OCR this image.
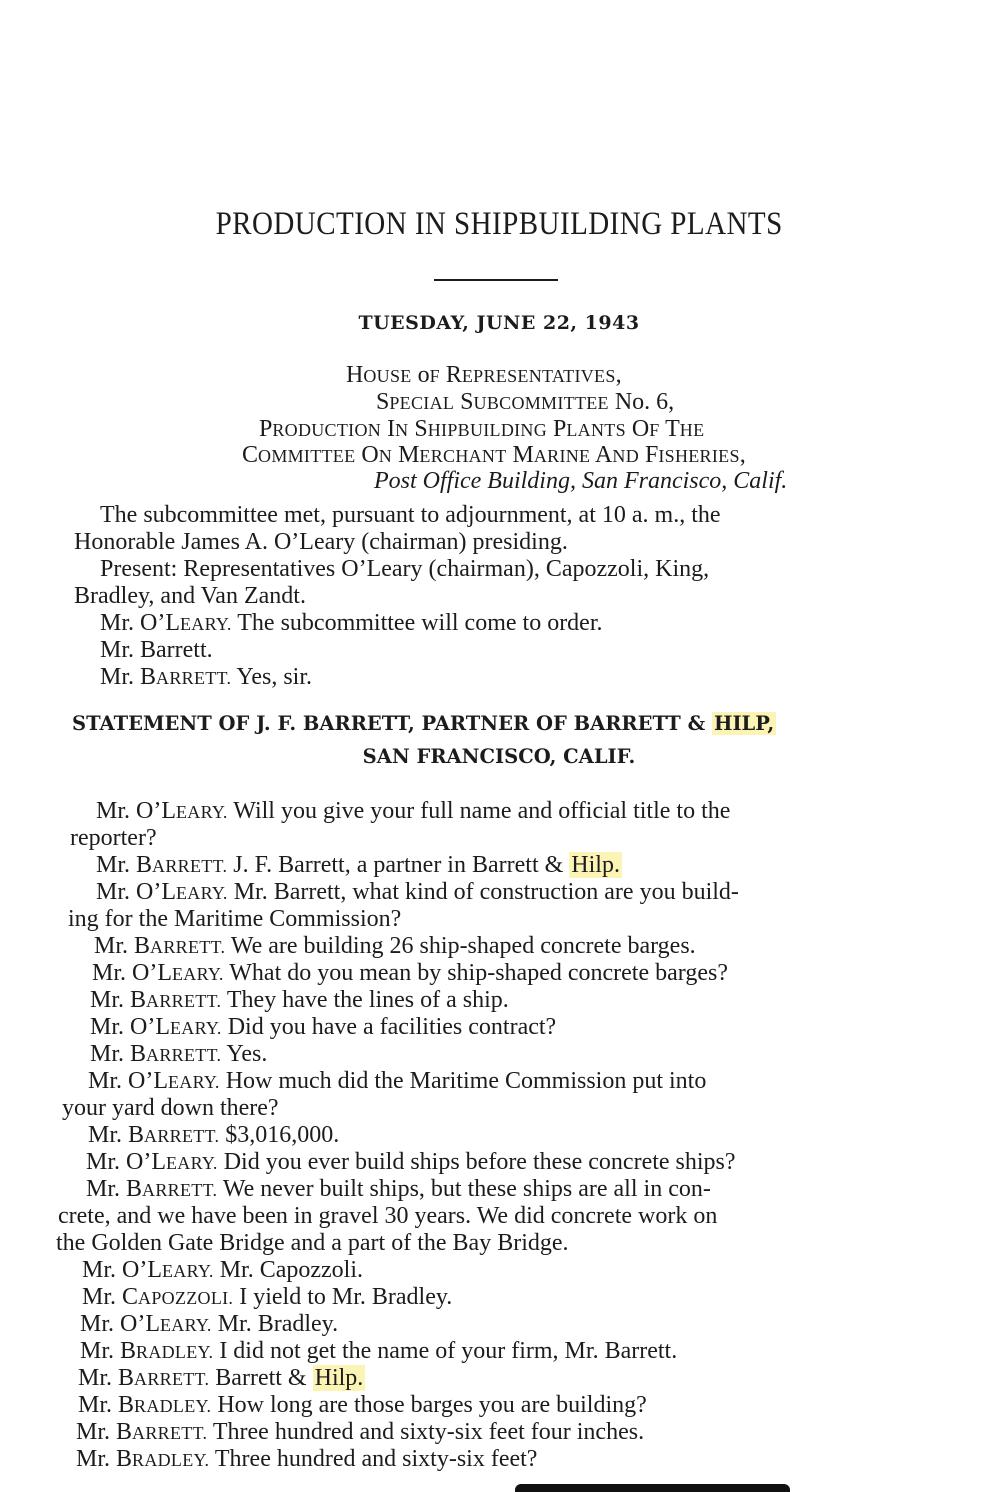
PRODUCTION IN SHIPBUILDING PLANTS
TUESDAY, JUNE 22, 1943
HOUSE oF REPRESENTATIVES,
SPECIAL SUBCOMMITTEE No. 6,
PRODUCTION IN SHIPBUILDING PLANTS OF THE
COMMITTEE ON MERCHANT MARINE AND FISHERIES,
Post Office Building, San Francisco, Calif.
The subcommittee met, pursuant to adjournment, at 10 a. m., the
Honorable James A. O’Leary (chairman) presiding.
Present: Representatives O’Leary (chairman), Capozzoli, King,
Bradley, and Van Zandt.
Mr. O’LEARY. The subcommittee will come to order.
Mr. Barrett.
Mr. BARRETT. Yes, sir.
STATEMENT OF J. F. BARRETT, PARTNER OF BARRETT & HILP,
SAN FRANCISCO, CALIF.
Mr. O’LEARY. Will you give your full name and official title to the
reporter?
Mr. BARRETT. J. F. Barrett, a partner in Barrett & Hilp.
Mr. O’LEARY. Mr. Barrett, what kind of construction are you build-
ing for the Maritime Commission?
Mr. BARRETT. We are building 26 ship-shaped concrete barges.
Mr. O’LEARY. What do you mean by ship-shaped concrete barges?
Mr. BARRETT. They have the lines of a ship.
Mr. O’LEARY. Did you have a facilities contract?
Mr. BARRETT. Yes.
Mr. O’LEARY. How much did the Maritime Commission put into
your yard down there?
Mr. BARRETT. $3,016,000.
Mr. O’LEARY. Did you ever build ships before these concrete ships?
Mr. BARRETT. We never built ships, but these ships are all in con-
crete, and we have been in gravel 30 years. We did concrete work on
the Golden Gate Bridge and a part of the Bay Bridge.
Mr. O’LEARY. Mr. Capozzoli.
Mr. CAPOZZOLI. I yield to Mr. Bradley.
Mr. O’LEARY. Mr. Bradley.
Mr. BRADLEY. I did not get the name of your firm, Mr. Barrett.
Mr. BARRETT. Barrett & Hilp.
Mr. BRADLEY. How long are those barges you are building?
Mr. BARRETT. Three hundred and sixty-six feet four inches.
Mr. BRADLEY. Three hundred and sixty-six feet?
